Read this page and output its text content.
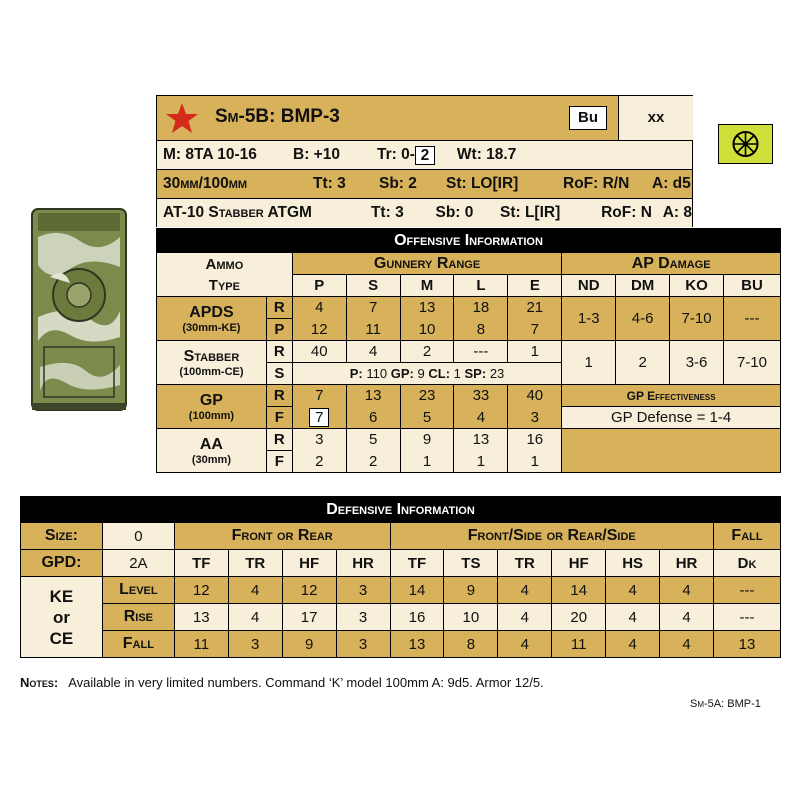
Sm-5B: BMP-3	Bu	xx
M: 8TA 10-16	B: +10	Tr: 0- 2	Wt: 18.7
30mm/100mm	Tt: 3	Sb: 2	St: LO[IR]	RoF: R/N	A: d5
AT-10 Stabber ATGM	Tt: 3	Sb: 0	St: L[IR]	RoF: N A: 8
Offensive Information										

Ammo
Type		Gunnery Range					AP Damage			
		P	S	M	L	E	ND	DM	KO	BU

APDS
(30mm-KE)	R	4	7	13	18	21	1-3	4-6	7-10	---
	P	12	11	10	8	7				

Stabber
(100mm-CE)	R	40	4	2	---	1	1	2	3-6	7-10
	S	P: 110 GP: 9 CL: 1 SP: 23								

GP
(100mm)	R	7	13	23	33	40	GP Effectiveness			
	F	7	6	5	4	3	GP Defense = 1-4			

AA
(30mm)	R	3	5	9	13	16				
	F	2	2	1	1	1				
Defensive Information												
Size:	0	Front or Rear				Front/Side or Rear/Side						Fall
GPD:	2A	TF	TR	HF	HR	TF	TS	TR	HF	HS	HR	Dk

KE
or
CE	Level	12	4	12	3	14	9	4	14	4	4	---
	Rise	13	4	17	3	16	10	4	20	4	4	---
	Fall	11	3	9	3	13	8	4	11	4	4	13
Notes: Available in very limited numbers. Command ‘K’ model 100mm A: 9d5. Armor 12/5.
Sm-5A: BMP-1
